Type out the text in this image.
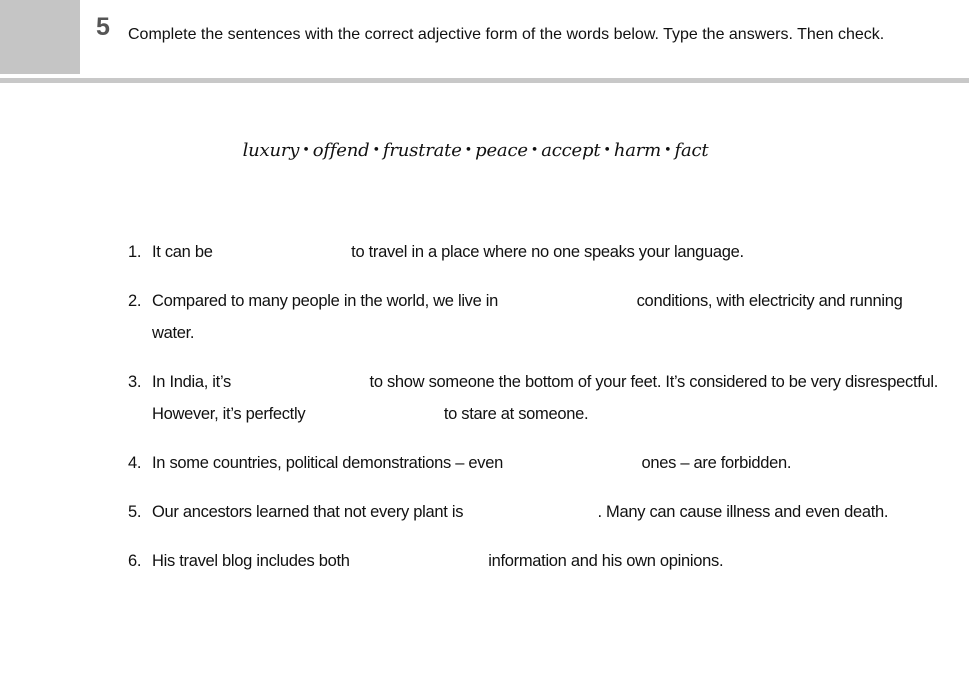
5 Complete the sentences with the correct adjective form of the words below. Type the answers. Then check.
luxury • offend • frustrate • peace • accept • harm • fact
1. It can be	to travel in a place where no one speaks your language.
2. Compared to many people in the world, we live in	conditions, with electricity and running water.
3. In India, it’s	to show someone the bottom of your feet. It’s considered to be very disrespectful. However, it’s perfectly	to stare at someone.
4. In some countries, political demonstrations – even	ones – are forbidden.
5. Our ancestors learned that not every plant is	. Many can cause illness and even death.
6. His travel blog includes both	information and his own opinions.
